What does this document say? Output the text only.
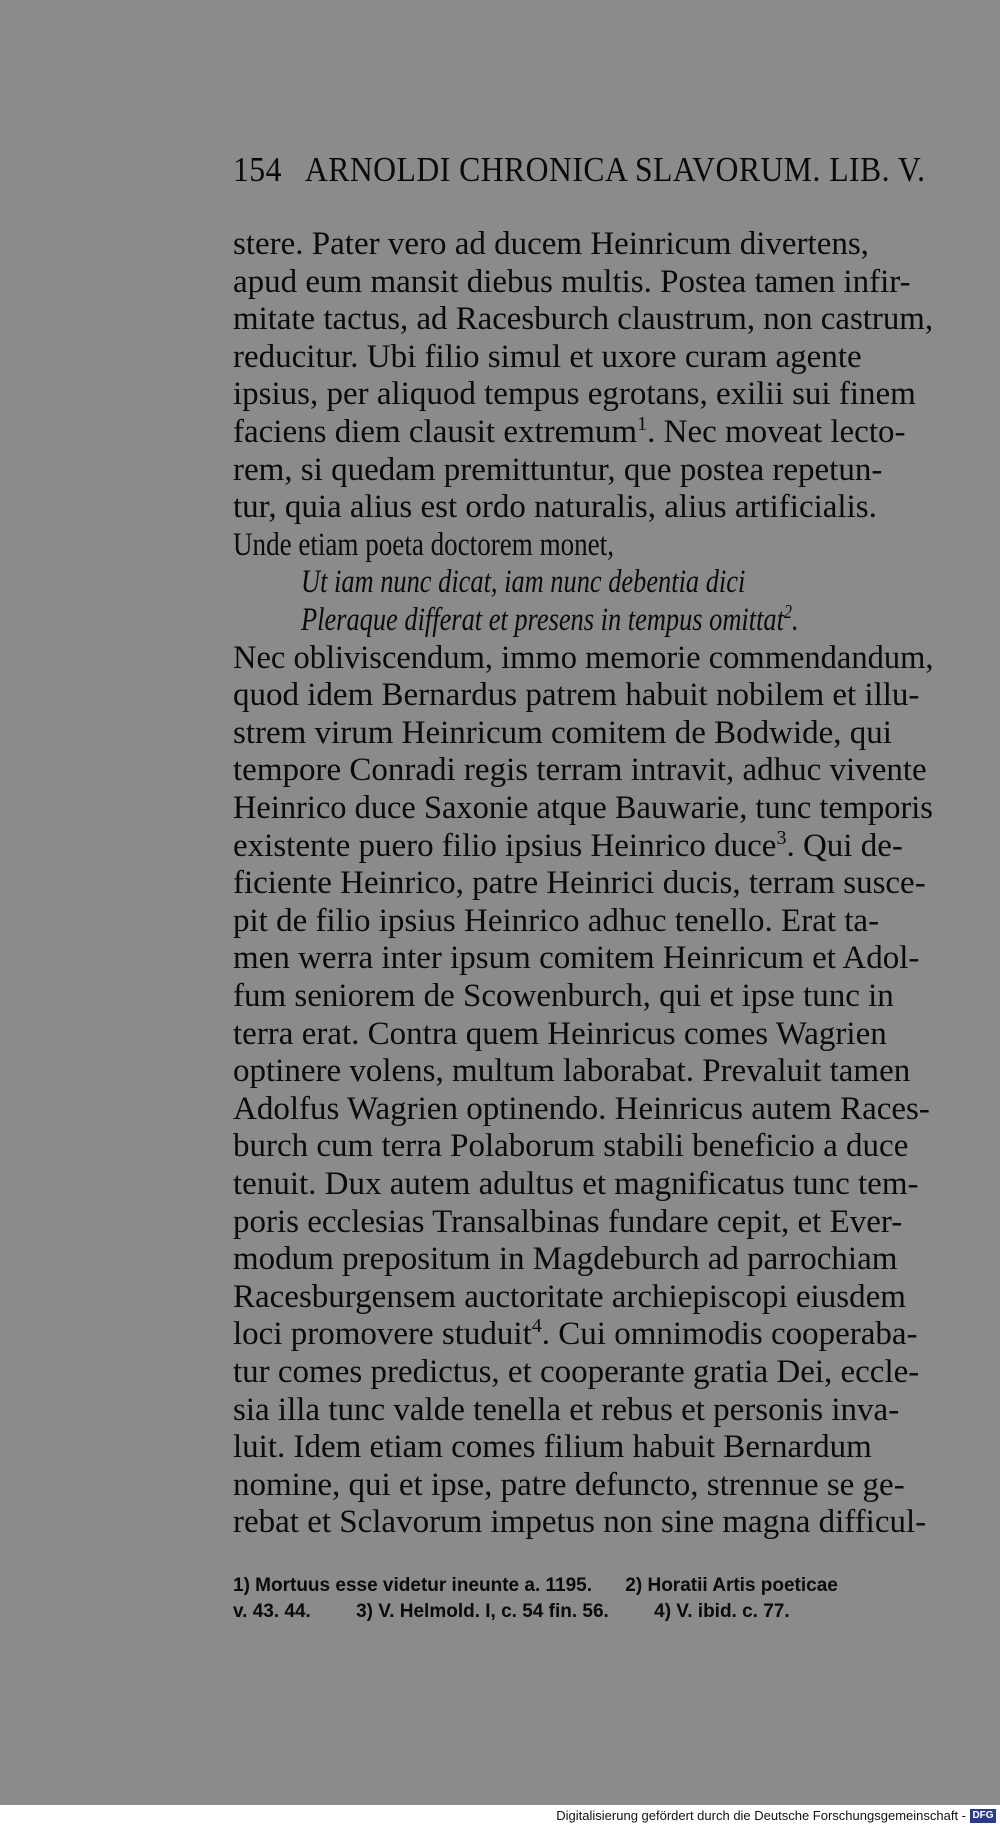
154 ARNOLDI CHRONICA SLAVORUM. LIB. V.
stere. Pater vero ad ducem Heinricum divertens,
apud eum mansit diebus multis. Postea tamen infir-
mitate tactus, ad Racesburch claustrum, non castrum,
reducitur. Ubi filio simul et uxore curam agente
ipsius, per aliquod tempus egrotans, exilii sui finem
faciens diem clausit extremum$^1$. Nec moveat lecto-
rem, si quedam premittuntur, que postea repetun-
tur, quia alius est ordo naturalis, alius artificialis.
Unde etiam poeta doctorem monet,
Ut iam nunc dicat, iam nunc debentia dici
Pleraque differat et presens in tempus omittat$^2$.
Nec obliviscendum, immo memorie commendandum,
quod idem Bernardus patrem habuit nobilem et illu-
strem virum Heinricum comitem de Bodwide, qui
tempore Conradi regis terram intravit, adhuc vivente
Heinrico duce Saxonie atque Bauwarie, tunc temporis
existente puero filio ipsius Heinrico duce$^3$. Qui de-
ficiente Heinrico, patre Heinrici ducis, terram susce-
pit de filio ipsius Heinrico adhuc tenello. Erat ta-
men werra inter ipsum comitem Heinricum et Adol-
fum seniorem de Scowenburch, qui et ipse tunc in
terra erat. Contra quem Heinricus comes Wagrien
optinere volens, multum laborabat. Prevaluit tamen
Adolfus Wagrien optinendo. Heinricus autem Races-
burch cum terra Polaborum stabili beneficio a duce
tenuit. Dux autem adultus et magnificatus tunc tem-
poris ecclesias Transalbinas fundare cepit, et Ever-
modum prepositum in Magdeburch ad parrochiam
Racesburgensem auctoritate archiepiscopi eiusdem
loci promovere studuit$^4$. Cui omnimodis cooperaba-
tur comes predictus, et cooperante gratia Dei, eccle-
sia illa tunc valde tenella et rebus et personis inva-
luit. Idem etiam comes filium habuit Bernardum
nomine, qui et ipse, patre defuncto, strennue se ge-
rebat et Sclavorum impetus non sine magna difficul-
1) Mortuus esse videtur ineunte a. 1195. 2) Horatii Artis poeticae
v. 43. 44. 3) V. Helmold. I, c. 54 fin. 56. 4) V. ibid. c. 77.
Digitalisierung gefördert durch die Deutsche Forschungsgemeinschaft - DFG
